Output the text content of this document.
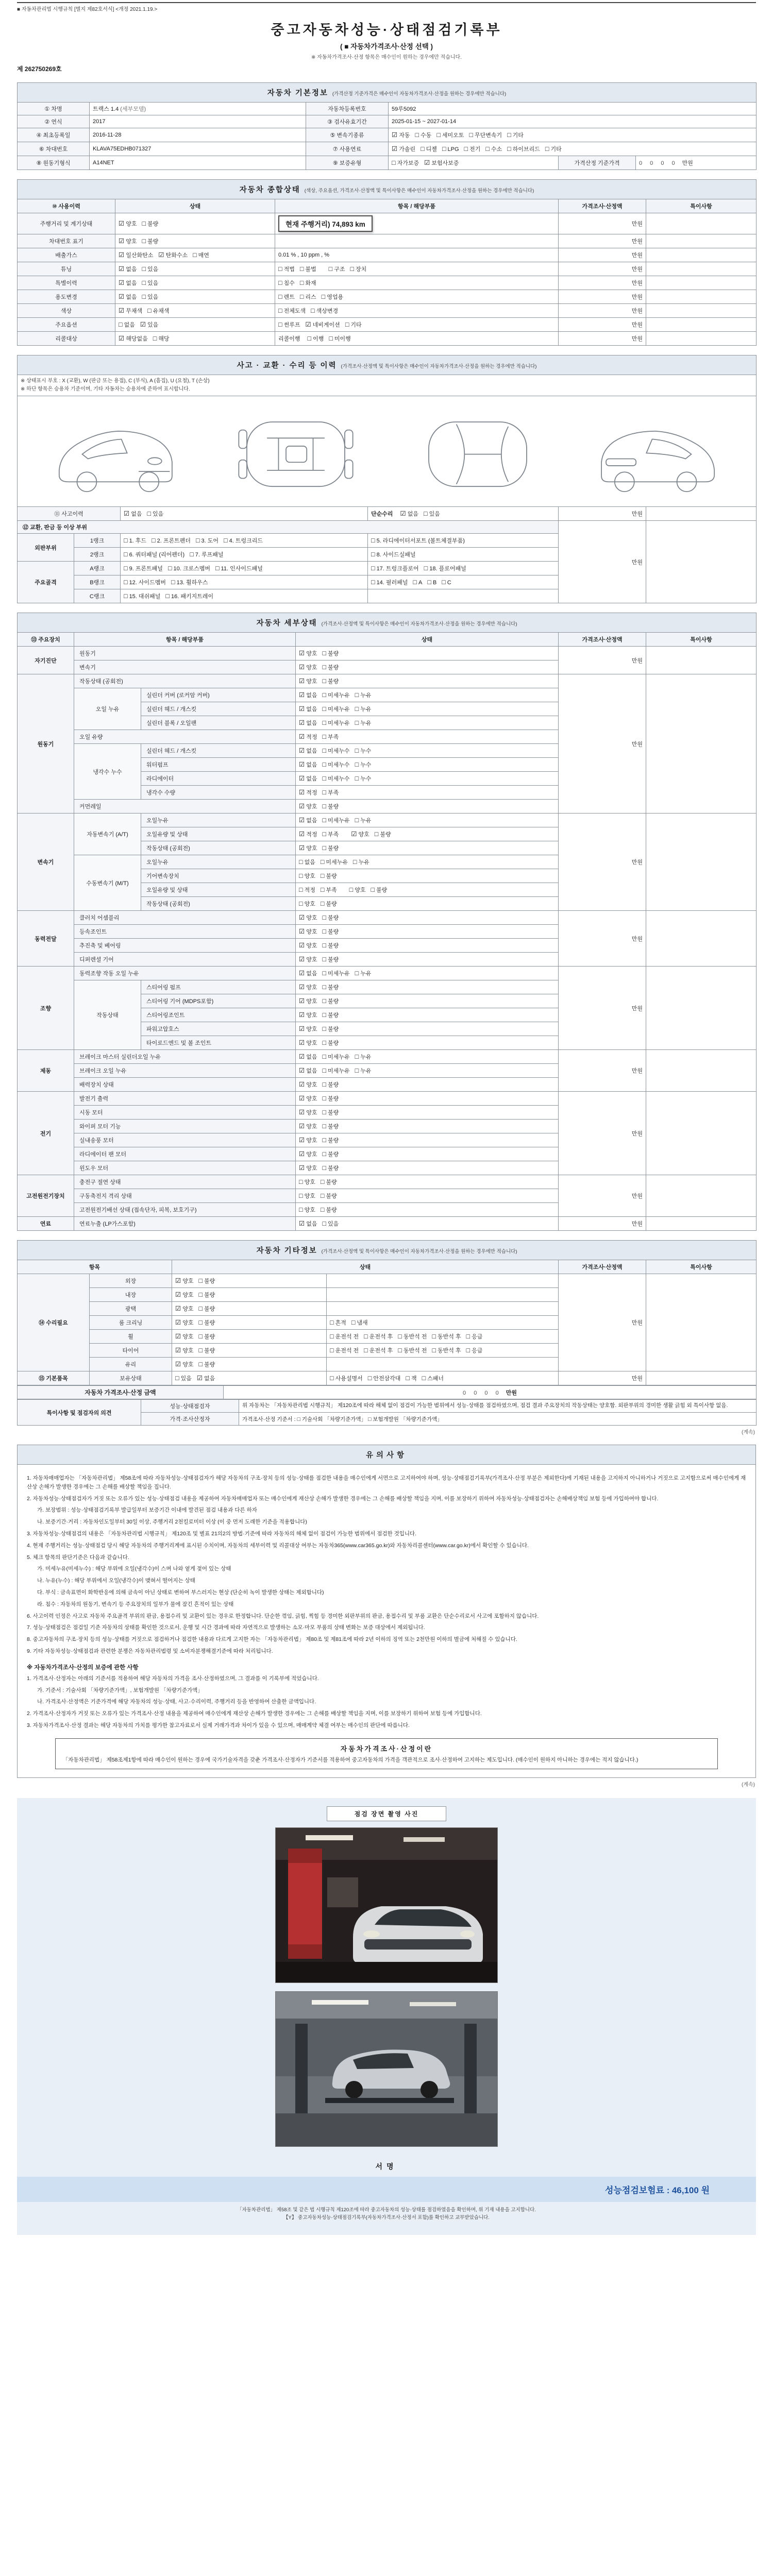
■ 자동차관리법 시행규칙 [별지 제82호서식] <개정 2021.1.19.>
중고자동차성능·상태점검기록부
( ■ 자동차가격조사·산정 선택 )
※ 자동차가격조사·산정 항목은 매수인이 원하는 경우에만 적습니다.
제 262750269호
자동차 기본정보 (가격산정 기준가격은 매수인이 자동차가격조사·산정을 원하는 경우에만 적습니다)					
① 차명	트랙스 1.4 (세부모델)	자동차등록번호	59루5092		
② 연식	2017	③ 검사유효기간	2025-01-15 ~ 2027-01-14		
④ 최초등록일	2016-11-28	⑤ 변속기종류	☑ 자동 □ 수동 □ 세미오토 □ 무단변속기 □ 기타		
⑥ 차대번호	KLAVA75EDHB071327	⑦ 사용연료	☑ 가솔린 □ 디젤 □ LPG □ 전기 □ 수소 □ 하이브리드 □ 기타		
⑧ 원동기형식	A14NET	⑨ 보증유형	□ 자가보증 ☑ 보험사보증	가격산정 기준가격	0 0 0 0 만원
자동차 종합상태 (색상, 주요옵션, 가격조사·산정액 및 특이사항은 매수인이 자동차가격조사·산정을 원하는 경우에만 적습니다)				
⑩ 사용이력	상태	항목 / 해당부품	가격조사·산정액	특이사항
주행거리 및 계기상태	☑ 양호 □ 불량	현재 주행거리) 74,893 km	만원	
차대번호 표기	☑ 양호 □ 불량		만원	
배출가스	☑ 일산화탄소 ☑ 탄화수소 □ 매연	0.01 % , 10 ppm , %	만원	
튜닝	☑ 없음 □ 있음	□ 적법 □ 불법 □ 구조 □ 장치	만원	
특별이력	☑ 없음 □ 있음	□ 침수 □ 화재	만원	
용도변경	☑ 없음 □ 있음	□ 렌트 □ 리스 □ 영업용	만원	
색상	☑ 무채색 □ 유채색	□ 전체도색 □ 색상변경	만원	
주요옵션	□ 없음 ☑ 있음	□ 썬루프 ☑ 네비게이션 □ 기타	만원	
리콜대상	☑ 해당없음 □ 해당	리콜이행 □ 이행 □ 미이행	만원	
사고 · 교환 · 수리 등 이력 (가격조사·산정액 및 특이사항은 매수인이 자동차가격조사·산정을 원하는 경우에만 적습니다)					

※ 상태표시 부호 : X (교환), W (판금 또는 용접), C (부식), A (흠집), U (요철), T (손상)
※ 하단 항목은 승용차 기준이며, 기타 자동차는 승용차에 준하여 표시합니다.					

⑪ 사고이력		☑ 없음 □ 있음	단순수리 ☑ 없음 □ 있음	만원	
⑫ 교환, 판금 등 이상 부위				만원	
외판부위	1랭크	□ 1. 후드 □ 2. 프론트펜더 □ 3. 도어 □ 4. 트렁크리드	□ 5. 라디에이터서포트 (볼트체결부품)		
	2랭크	□ 6. 쿼터패널 (리어펜더) □ 7. 루프패널	□ 8. 사이드실패널		
주요골격	A랭크	□ 9. 프론트패널 □ 10. 크로스멤버 □ 11. 인사이드패널	□ 17. 트렁크플로어 □ 18. 플로어패널		
	B랭크	□ 12. 사이드멤버 □ 13. 휠하우스	□ 14. 필러패널 □ A □ B □ C		
	C랭크	□ 15. 대쉬패널 □ 16. 패키지트레이			
자동차 세부상태 (가격조사·산정액 및 특이사항은 매수인이 자동차가격조사·산정을 원하는 경우에만 적습니다)					
⑬ 주요장치	항목 / 해당부품		상태	가격조사·산정액	특이사항
자기진단	원동기		☑ 양호 □ 불량	만원	
	변속기		☑ 양호 □ 불량		
원동기	작동상태 (공회전)		☑ 양호 □ 불량	만원	
	오일 누유	실린더 커버 (로커암 커버)	☑ 없음 □ 미세누유 □ 누유		
		실린더 헤드 / 개스킷	☑ 없음 □ 미세누유 □ 누유		
		실린더 블록 / 오일팬	☑ 없음 □ 미세누유 □ 누유		
	오일 유량		☑ 적정 □ 부족		
	냉각수 누수	실린더 헤드 / 개스킷	☑ 없음 □ 미세누수 □ 누수		
		워터펌프	☑ 없음 □ 미세누수 □ 누수		
		라디에이터	☑ 없음 □ 미세누수 □ 누수		
		냉각수 수량	☑ 적정 □ 부족		
	커먼레일		☑ 양호 □ 불량		
변속기	자동변속기 (A/T)	오일누유	☑ 없음 □ 미세누유 □ 누유	만원	
		오일유량 및 상태	☑ 적정 □ 부족 ☑ 양호 □ 불량		
		작동상태 (공회전)	☑ 양호 □ 불량		
	수동변속기 (M/T)	오일누유	□ 없음 □ 미세누유 □ 누유		
		기어변속장치	□ 양호 □ 불량		
		오일유량 및 상태	□ 적정 □ 부족 □ 양호 □ 불량		
		작동상태 (공회전)	□ 양호 □ 불량		
동력전달	클러치 어셈블리		☑ 양호 □ 불량	만원	
	등속조인트		☑ 양호 □ 불량		
	추진축 및 베어링		☑ 양호 □ 불량		
	디퍼렌셜 기어		☑ 양호 □ 불량		
조향	동력조향 작동 오일 누유		☑ 없음 □ 미세누유 □ 누유	만원	
	작동상태	스티어링 펌프	☑ 양호 □ 불량		
		스티어링 기어 (MDPS포함)	☑ 양호 □ 불량		
		스티어링조인트	☑ 양호 □ 불량		
		파워고압호스	☑ 양호 □ 불량		
		타이로드엔드 및 볼 조인트	☑ 양호 □ 불량		
제동	브레이크 마스터 실린더오일 누유		☑ 없음 □ 미세누유 □ 누유	만원	
	브레이크 오일 누유		☑ 없음 □ 미세누유 □ 누유		
	배력장치 상태		☑ 양호 □ 불량		
전기	발전기 출력		☑ 양호 □ 불량	만원	
	시동 모터		☑ 양호 □ 불량		
	와이퍼 모터 기능		☑ 양호 □ 불량		
	실내송풍 모터		☑ 양호 □ 불량		
	라디에이터 팬 모터		☑ 양호 □ 불량		
	윈도우 모터		☑ 양호 □ 불량		
고전원전기장치	충전구 절연 상태		□ 양호 □ 불량	만원	
	구동축전지 격리 상태		□ 양호 □ 불량		
	고전원전기배선 상태 (접속단자, 피복, 보호기구)		□ 양호 □ 불량		
연료	연료누출 (LP가스포함)		☑ 없음 □ 있음	만원	
자동차 기타정보 (가격조사·산정액 및 특이사항은 매수인이 자동차가격조사·산정을 원하는 경우에만 적습니다)					
항목		상태		가격조사·산정액	특이사항
⑭ 수리필요	외장	☑ 양호 □ 불량		만원	
	내장	☑ 양호 □ 불량			
	광택	☑ 양호 □ 불량			
	룸 크리닝	☑ 양호 □ 불량	□ 흔적 □ 냄새		
	휠	☑ 양호 □ 불량	□ 운전석 전 □ 운전석 후 □ 동반석 전 □ 동반석 후 □ 응급		
	타이어	☑ 양호 □ 불량	□ 운전석 전 □ 운전석 후 □ 동반석 전 □ 동반석 후 □ 응급		
	유리	☑ 양호 □ 불량			
⑮ 기본품목	보유상태	□ 있음 ☑ 없음	□ 사용설명서 □ 안전삼각대 □ 잭 □ 스패너	만원	
자동차 가격조사·산정 금액	0 0 0 0 만원
특이사항 및 점검자의 의견	성능·상태점검자	위 자동차는 「자동차관리법 시행규칙」 제120조에 따라 해체 없이 점검이 가능한 범위에서 성능·상태를 점검하였으며, 점검 결과 주요장치의 작동상태는 양호함. 외판부위의 경미한 생활 긁힘 외 특이사항 없음.
	가격·조사산정자	가격조사·산정 기준서 : □ 기술사회 「차량기준가액」 □ 보험개발원 「차량기준가액」
(계속)
유의사항
1. 자동차매매업자는 「자동차관리법」 제58조에 따라 자동차성능·상태점검자가 해당 자동차의 구조·장치 등의 성능·상태를 점검한 내용을 매수인에게 서면으로 고지하여야 하며, 성능·상태점검기록부(가격조사·산정 부분은 제외한다)에 기재된 내용을 고지하지 아니하거나 거짓으로 고지함으로써 매수인에게 재산상 손해가 발생한 경우에는 그 손해를 배상할 책임을 집니다.
2. 자동차성능·상태점검자가 거짓 또는 오류가 있는 성능·상태점검 내용을 제공하여 자동차매매업자 또는 매수인에게 재산상 손해가 발생한 경우에는 그 손해를 배상할 책임을 지며, 이를 보장하기 위하여 자동차성능·상태점검자는 손해배상책임 보험 등에 가입하여야 합니다.
가. 보장범위 : 성능·상태점검기록부 발급일부터 보증기간 이내에 발견된 점검 내용과 다른 하자
나. 보증기간·거리 : 자동차인도일부터 30일 이상, 주행거리 2천킬로미터 이상 (이 중 먼저 도래한 기준을 적용합니다)
3. 자동차성능·상태점검의 내용은 「자동차관리법 시행규칙」 제120조 및 별표 21의2의 방법·기준에 따라 자동차의 해체 없이 점검이 가능한 범위에서 점검한 것입니다.
4. 현재 주행거리는 성능·상태점검 당시 해당 자동차의 주행거리계에 표시된 수치이며, 자동차의 세부이력 및 리콜대상 여부는 자동차365(www.car365.go.kr)와 자동차리콜센터(www.car.go.kr)에서 확인할 수 있습니다.
5. 체크 항목의 판단기준은 다음과 같습니다.
가. 미세누유(미세누수) : 해당 부위에 오일(냉각수)이 스며 나와 옅게 젖어 있는 상태
나. 누유(누수) : 해당 부위에서 오일(냉각수)이 맺혀서 떨어지는 상태
다. 부식 : 금속표면이 화학반응에 의해 금속이 아닌 상태로 변하여 부스러지는 현상 (단순히 녹이 발생한 상태는 제외합니다)
라. 침수 : 자동차의 원동기, 변속기 등 주요장치의 일부가 물에 잠긴 흔적이 있는 상태
6. 사고이력 인정은 사고로 자동차 주요골격 부위의 판금, 용접수리 및 교환이 있는 경우로 한정합니다. 단순한 꺾임, 긁힘, 찍힘 등 경미한 외판부위의 판금, 용접수리 및 부품 교환은 단순수리로서 사고에 포함하지 않습니다.
7. 성능·상태점검은 점검일 기준 자동차의 상태를 확인한 것으로서, 운행 및 시간 경과에 따라 자연적으로 발생하는 소모·마모 부품의 상태 변화는 보증 대상에서 제외됩니다.
8. 중고자동차의 구조·장치 등의 성능·상태를 거짓으로 점검하거나 점검한 내용과 다르게 고지한 자는 「자동차관리법」 제80조 및 제81조에 따라 2년 이하의 징역 또는 2천만원 이하의 벌금에 처해질 수 있습니다.
9. 기타 자동차성능·상태점검과 관련한 분쟁은 자동차관리법령 및 소비자분쟁해결기준에 따라 처리됩니다.
※ 자동차가격조사·산정의 보증에 관한 사항
1. 가격조사·산정자는 아래의 기준서를 적용하여 해당 자동차의 가격을 조사·산정하였으며, 그 결과를 이 기록부에 적었습니다.
가. 기준서 : 기술사회 「차량기준가액」, 보험개발원 「차량기준가액」
나. 가격조사·산정액은 기준가격에 해당 자동차의 성능·상태, 사고·수리이력, 주행거리 등을 반영하여 산출한 금액입니다.
2. 가격조사·산정자가 거짓 또는 오류가 있는 가격조사·산정 내용을 제공하여 매수인에게 재산상 손해가 발생한 경우에는 그 손해를 배상할 책임을 지며, 이를 보장하기 위하여 보험 등에 가입합니다.
3. 자동차가격조사·산정 결과는 해당 자동차의 가치를 평가한 참고자료로서 실제 거래가격과 차이가 있을 수 있으며, 매매계약 체결 여부는 매수인의 판단에 따릅니다.
자동차가격조사·산정이란
「자동차관리법」 제58조제1항에 따라 매수인이 원하는 경우에 국가기술자격을 갖춘 가격조사·산정자가 기준서를 적용하여 중고자동차의 가격을 객관적으로 조사·산정하여 고지하는 제도입니다. (매수인이 원하지 아니하는 경우에는 적지 않습니다.)
(계속)
점검 장면 촬영 사진
서명
성능점검보험료 : 46,100 원
「자동차관리법」 제58조 및 같은 법 시행규칙 제120조에 따라 중고자동차의 성능·상태를 점검하였음을 확인하며, 위 기재 내용을 고지합니다.
【Y】 중고자동차성능·상태점검기록부(자동차가격조사·산정서 포함)를 확인하고 교부받았습니다.
